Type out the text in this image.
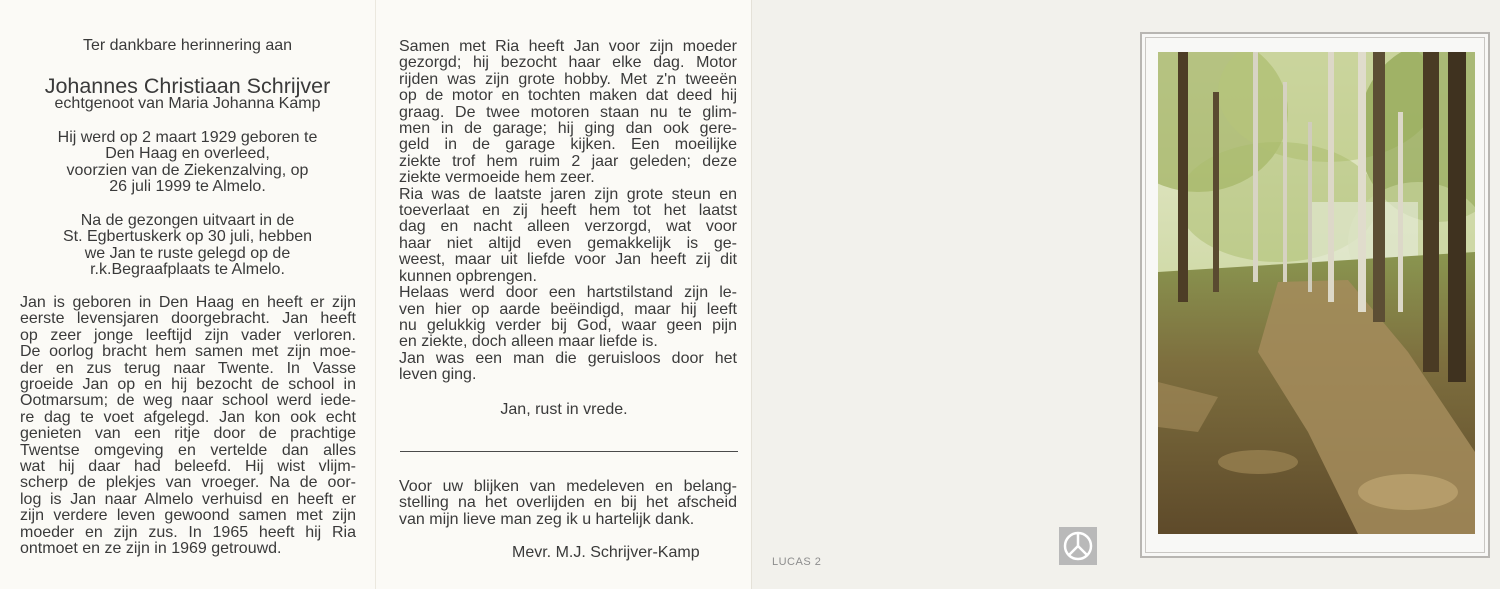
Ter dankbare herinnering aan
Johannes Christiaan Schrijver
echtgenoot van Maria Johanna Kamp
Hij werd op 2 maart 1929 geboren te
Den Haag en overleed,
voorzien van de Ziekenzalving, op
26 juli 1999 te Almelo.
Na de gezongen uitvaart in de
St. Egbertuskerk op 30 juli, hebben
we Jan te ruste gelegd op de
r.k.Begraafplaats te Almelo.
Jan is geboren in Den Haag en heeft er zijn
eerste levensjaren doorgebracht. Jan heeft
op zeer jonge leeftijd zijn vader verloren.
De oorlog bracht hem samen met zijn moe-
der en zus terug naar Twente. In Vasse
groeide Jan op en hij bezocht de school in
Ootmarsum; de weg naar school werd iede-
re dag te voet afgelegd. Jan kon ook echt
genieten van een ritje door de prachtige
Twentse omgeving en vertelde dan alles
wat hij daar had beleefd. Hij wist vlijm-
scherp de plekjes van vroeger. Na de oor-
log is Jan naar Almelo verhuisd en heeft er
zijn verdere leven gewoond samen met zijn
moeder en zijn zus. In 1965 heeft hij Ria
ontmoet en ze zijn in 1969 getrouwd.
Samen met Ria heeft Jan voor zijn moeder
gezorgd; hij bezocht haar elke dag. Motor
rijden was zijn grote hobby. Met z'n tweeën
op de motor en tochten maken dat deed hij
graag. De twee motoren staan nu te glim-
men in de garage; hij ging dan ook gere-
geld in de garage kijken. Een moeilijke
ziekte trof hem ruim 2 jaar geleden; deze
ziekte vermoeide hem zeer.
Ria was de laatste jaren zijn grote steun en
toeverlaat en zij heeft hem tot het laatst
dag en nacht alleen verzorgd, wat voor
haar niet altijd even gemakkelijk is ge-
weest, maar uit liefde voor Jan heeft zij dit
kunnen opbrengen.
Helaas werd door een hartstilstand zijn le-
ven hier op aarde beëindigd, maar hij leeft
nu gelukkig verder bij God, waar geen pijn
en ziekte, doch alleen maar liefde is.
Jan was een man die geruisloos door het
leven ging.
Jan, rust in vrede.
Voor uw blijken van medeleven en belang-
stelling na het overlijden en bij het afscheid
van mijn lieve man zeg ik u hartelijk dank.
Mevr. M.J. Schrijver-Kamp
LUCAS 2
